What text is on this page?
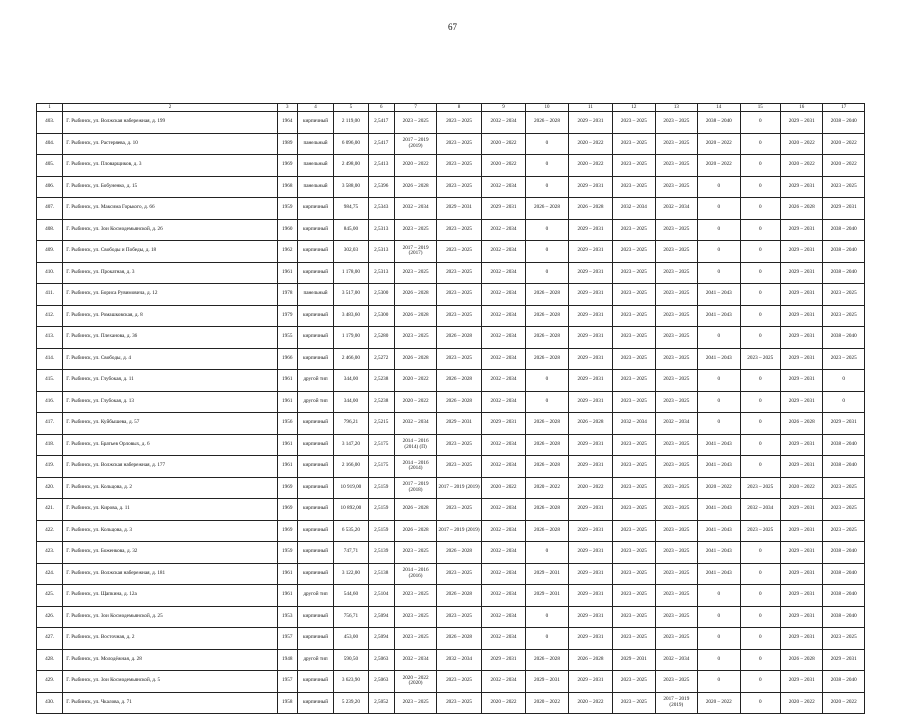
67
1	2	3	4	5	6	7	8	9	10	11	12	13	14	15	16	17
403.	Г. Рыбинск, ул. Волжская набережная, д. 199	1964	кирпичный	2 119,00	2,5417	2023 – 2025	2023 – 2025	2032 – 2034	2026 – 2028	2029 – 2031	2023 – 2025	2023 – 2025	2038 – 2040	0	2029 – 2031	2038 – 2040
404.	Г. Рыбинск, ул. Растеряева, д. 10	1989	панельный	6 096,00	2,5417	2017 – 2019 (2019)	2023 – 2025	2020 – 2022	0	2020 – 2022	2023 – 2025	2023 – 2025	2020 – 2022	0	2020 – 2022	2020 – 2022
405.	Г. Рыбинск, ул. Пловарщиков, д. 3	1969	панельный	2 498,00	2,5413	2020 – 2022	2023 – 2025	2020 – 2022	0	2020 – 2022	2023 – 2025	2023 – 2025	2020 – 2022	0	2020 – 2022	2020 – 2022
406.	Г. Рыбинск, ул. Бобуненко, д. 15	1968	панельный	3 588,00	2,5396	2026 – 2028	2023 – 2025	2032 – 2034	0	2029 – 2031	2023 – 2025	2023 – 2025	0	0	2029 – 2031	2023 – 2025
407.	Г. Рыбинск, ул. Максима Горького, д. 66	1959	кирпичный	984,75	2,5343	2032 – 2034	2029 – 2031	2029 – 2031	2026 – 2028	2026 – 2028	2032 – 2034	2032 – 2034	0	0	2026 – 2028	2029 – 2031
408.	Г. Рыбинск, ул. Зои Космодемьянской, д. 26	1960	кирпичный	845,00	2,5313	2023 – 2025	2023 – 2025	2032 – 2034	0	2029 – 2031	2023 – 2025	2023 – 2025	0	0	2029 – 2031	2038 – 2040
409.	Г. Рыбинск, ул. Свободы и Победы, д. 18	1962	кирпичный	302,03	2,5313	2017 – 2019 (2017)	2023 – 2025	2032 – 2034	0	2029 – 2031	2023 – 2025	2023 – 2025	0	0	2029 – 2031	2038 – 2040
410.	Г. Рыбинск, ул. Прокатная, д. 3	1961	кирпичный	1 178,00	2,5313	2023 – 2025	2023 – 2025	2032 – 2034	0	2029 – 2031	2023 – 2025	2023 – 2025	0	0	2029 – 2031	2038 – 2040
411.	Г. Рыбинск, ул. Бориса Рувимовича, д. 12	1978	панельный	3 517,00	2,5300	2026 – 2028	2023 – 2025	2032 – 2034	2026 – 2028	2029 – 2031	2023 – 2025	2023 – 2025	2041 – 2043	0	2029 – 2031	2023 – 2025
412.	Г. Рыбинск, ул. Ромашковская, д. 8	1979	кирпичный	3 483,60	2,5300	2026 – 2028	2023 – 2025	2032 – 2034	2026 – 2028	2029 – 2031	2023 – 2025	2023 – 2025	2041 – 2043	0	2029 – 2031	2023 – 2025
413.	Г. Рыбинск, ул. Плеханова, д. 36	1955	кирпичный	1 179,00	2,5280	2023 – 2025	2026 – 2028	2032 – 2034	2026 – 2028	2029 – 2031	2023 – 2025	2023 – 2025	0	0	2029 – 2031	2038 – 2040
414.	Г. Рыбинск, ул. Свободы, д. 4	1966	кирпичный	2 466,00	2,5272	2026 – 2028	2023 – 2025	2032 – 2034	2026 – 2028	2029 – 2031	2023 – 2025	2023 – 2025	2041 – 2043	2023 – 2025	2029 – 2031	2023 – 2025
415.	Г. Рыбинск, ул. Глубокая, д. 11	1961	другой тип	344,00	2,5238	2020 – 2022	2026 – 2028	2032 – 2034	0	2029 – 2031	2023 – 2025	2023 – 2025	0	0	2029 – 2031	0
416.	Г. Рыбинск, ул. Глубокая, д. 13	1961	другой тип	344,00	2,5238	2020 – 2022	2026 – 2028	2032 – 2034	0	2029 – 2031	2023 – 2025	2023 – 2025	0	0	2029 – 2031	0
417.	Г. Рыбинск, ул. Куйбышева, д. 57	1956	кирпичный	796,21	2,5215	2032 – 2034	2029 – 2031	2029 – 2031	2026 – 2028	2026 – 2028	2032 – 2034	2032 – 2034	0	0	2026 – 2028	2029 – 2031
418.	Г. Рыбинск, ул. Братьев Орловых, д. 6	1961	кирпичный	3 147,20	2,5175	2014 – 2016 (2014) (П)	2023 – 2025	2032 – 2034	2026 – 2028	2029 – 2031	2023 – 2025	2023 – 2025	2041 – 2043	0	2029 – 2031	2038 – 2040
419.	Г. Рыбинск, ул. Волжская набережная, д. 177	1961	кирпичный	2 166,00	2,5175	2014 – 2016 (2014)	2023 – 2025	2032 – 2034	2026 – 2028	2029 – 2031	2023 – 2025	2023 – 2025	2041 – 2043	0	2029 – 2031	2038 – 2040
420.	Г. Рыбинск, ул. Кольцова, д. 2	1969	кирпичный	10 919,00	2,5159	2017 – 2019 (2018)	2017 – 2019 (2019)	2020 – 2022	2020 – 2022	2020 – 2022	2023 – 2025	2023 – 2025	2020 – 2022	2023 – 2025	2020 – 2022	2023 – 2025
421.	Г. Рыбинск, ул. Кирова, д. 11	1969	кирпичный	10 892,00	2,5159	2026 – 2028	2023 – 2025	2032 – 2034	2026 – 2028	2029 – 2031	2023 – 2025	2023 – 2025	2041 – 2043	2032 – 2034	2029 – 2031	2023 – 2025
422.	Г. Рыбинск, ул. Кольцова, д. 3	1969	кирпичный	6 535,20	2,5159	2026 – 2028	2017 – 2019 (2019)	2032 – 2034	2026 – 2028	2029 – 2031	2023 – 2025	2023 – 2025	2041 – 2043	2023 – 2025	2029 – 2031	2023 – 2025
423.	Г. Рыбинск, ул. Боженкова, д. 32	1959	кирпичный	747,71	2,5139	2023 – 2025	2026 – 2028	2032 – 2034	0	2029 – 2031	2023 – 2025	2023 – 2025	2041 – 2043	0	2029 – 2031	2038 – 2040
424.	Г. Рыбинск, ул. Волжская набережная, д. 181	1961	кирпичный	3 122,00	2,5138	2014 – 2016 (2016)	2023 – 2025	2032 – 2034	2029 – 2031	2029 – 2031	2023 – 2025	2023 – 2025	2041 – 2043	0	2029 – 2031	2038 – 2040
425.	Г. Рыбинск, ул. Щапкина, д. 12а	1961	другой тип	544,60	2,5104	2023 – 2025	2026 – 2028	2032 – 2034	2029 – 2031	2029 – 2031	2023 – 2025	2023 – 2025	0	0	2029 – 2031	2038 – 2040
426.	Г. Рыбинск, ул. Зои Космодемьянской, д. 25	1953	кирпичный	756,71	2,5094	2023 – 2025	2023 – 2025	2032 – 2034	0	2029 – 2031	2023 – 2025	2023 – 2025	0	0	2029 – 2031	2038 – 2040
427.	Г. Рыбинск, ул. Восточная, д. 2	1957	кирпичный	453,00	2,5094	2023 – 2025	2026 – 2028	2032 – 2034	0	2029 – 2031	2023 – 2025	2023 – 2025	0	0	2029 – 2031	2023 – 2025
428.	Г. Рыбинск, ул. Молодёжная, д. 28	1948	другой тип	590,50	2,5063	2032 – 2034	2032 – 2034	2029 – 2031	2026 – 2028	2026 – 2028	2029 – 2031	2032 – 2034	0	0	2026 – 2028	2029 – 2031
429.	Г. Рыбинск, ул. Зои Космодемьянской, д. 5	1957	кирпичный	3 623,90	2,5063	2020 – 2022 (2020)	2023 – 2025	2032 – 2034	2029 – 2031	2029 – 2031	2023 – 2025	2023 – 2025	0	0	2029 – 2031	2038 – 2040
430.	Г. Рыбинск, ул. Чкалова, д. 71	1958	кирпичный	5 239,20	2,5052	2023 – 2025	2023 – 2025	2020 – 2022	2020 – 2022	2020 – 2022	2023 – 2025	2017 – 2019 (2019)	2020 – 2022	0	2020 – 2022	2020 – 2022
